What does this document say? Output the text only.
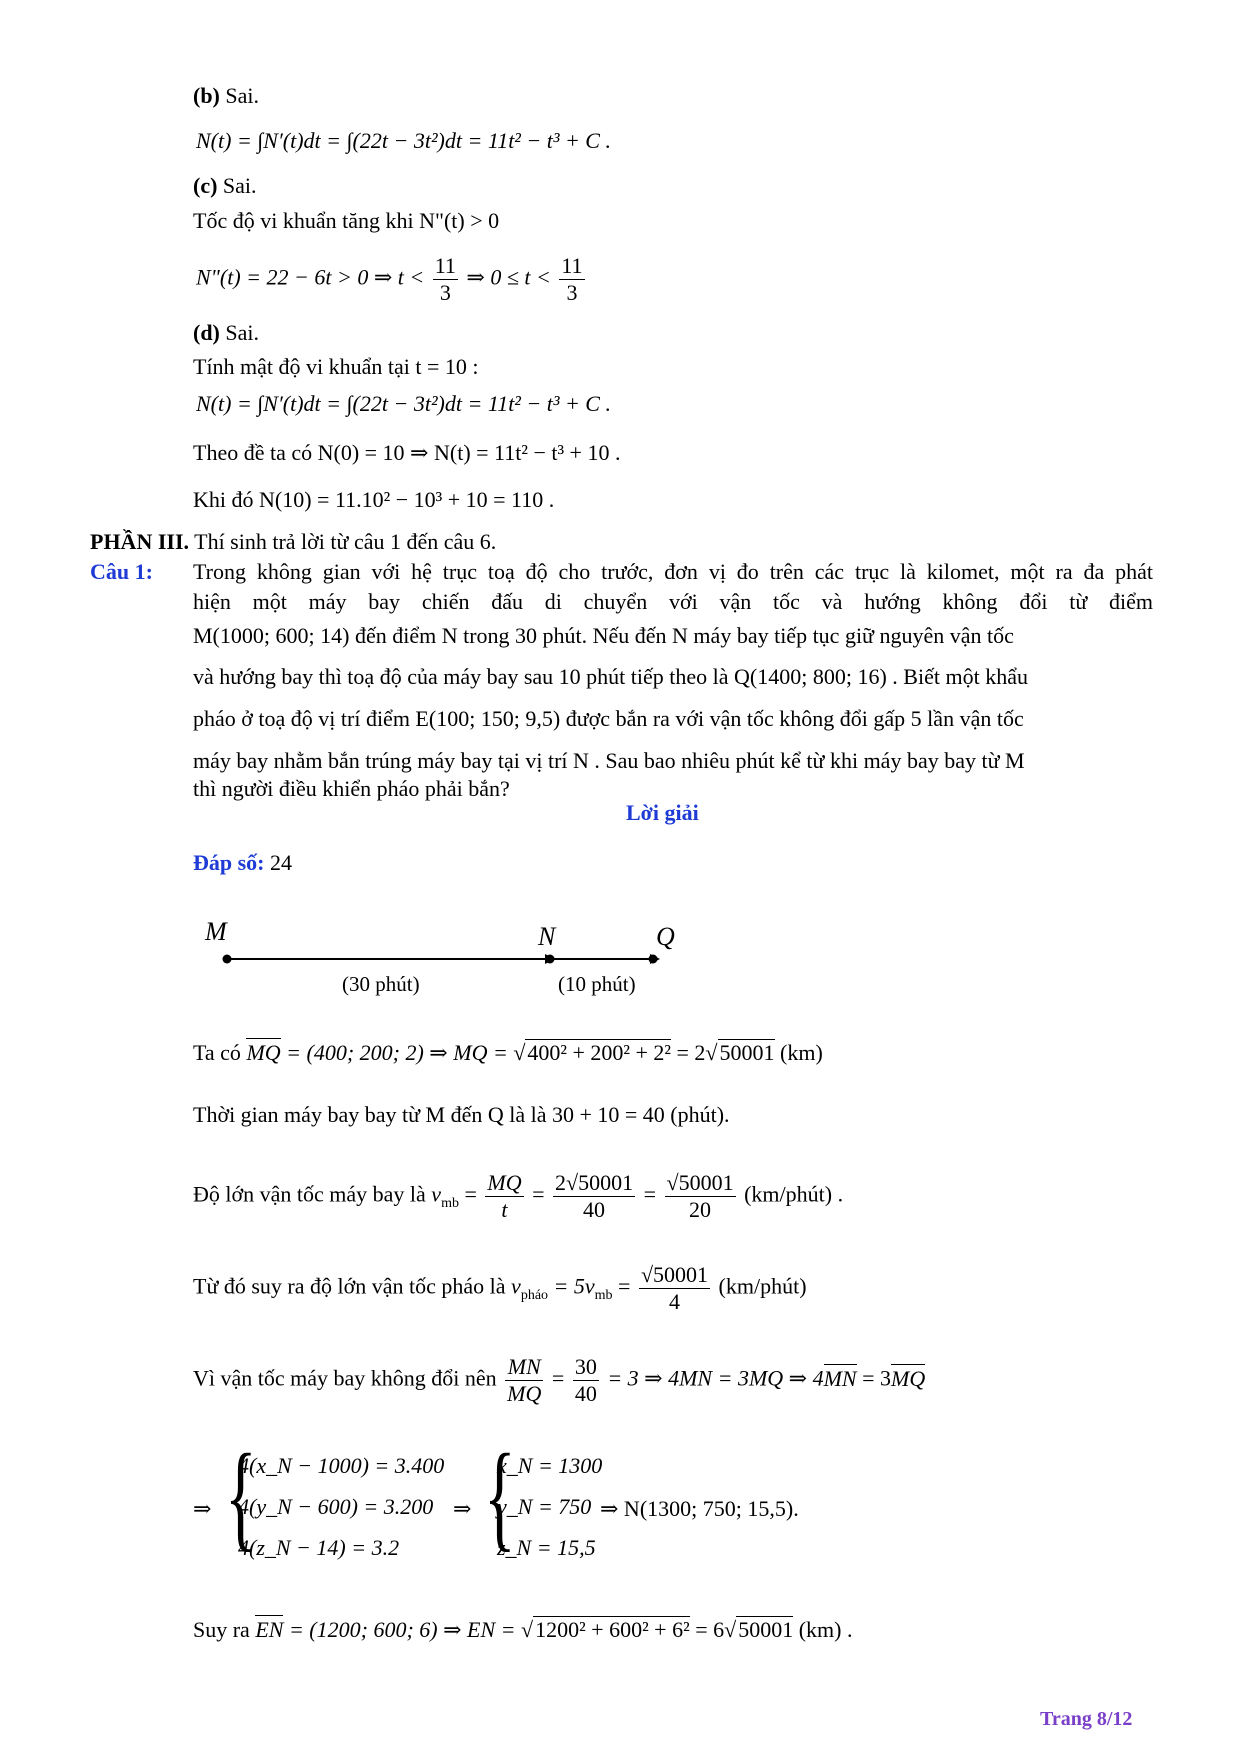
(b) Sai.
N(t) = ∫N′(t)dt = ∫(22t − 3t²)dt = 11t² − t³ + C .
(c) Sai.
Tốc độ vi khuẩn tăng khi N"(t) > 0
N"(t) = 22 − 6t > 0 ⇒ $t < \frac{11}{3}$ ⇒ $0 \le t < \frac{11}{3}$
(d) Sai.
Tính mật độ vi khuẩn tại t = 10 :
N(t) = ∫N′(t)dt = ∫(22t − 3t²)dt = 11t² − t³ + C .
Theo đề ta có N(0) = 10 ⇒ N(t) = 11t² − t³ + 10 .
Khi đó N(10) = 11.10² − 10³ + 10 = 110 .
PHẦN III. Thí sinh trả lời từ câu 1 đến câu 6.
Câu 1: Trong không gian với hệ trục toạ độ cho trước, đơn vị đo trên các trục là kilomet, một ra đa phát
hiện một máy bay chiến đấu di chuyển với vận tốc và hướng không đổi từ điểm
M(1000; 600; 14) đến điểm N trong 30 phút. Nếu đến N máy bay tiếp tục giữ nguyên vận tốc
và hướng bay thì toạ độ của máy bay sau 10 phút tiếp theo là Q(1400; 800; 16) . Biết một khẩu
pháo ở toạ độ vị trí điểm E(100; 150; 9,5) được bắn ra với vận tốc không đổi gấp 5 lần vận tốc
máy bay nhằm bắn trúng máy bay tại vị trí N . Sau bao nhiêu phút kể từ khi máy bay bay từ M
thì người điều khiển pháo phải bắn?
Lời giải
Đáp số: 24
M	N	Q
(30 phút)	(10 phút)
Ta có MQ = (400; 200; 2) ⇒ MQ = √400² + 200² + 2² = 2√50001 (km)
Thời gian máy bay bay từ M đến Q là là 30 + 10 = 40 (phút).
Độ lớn vận tốc máy bay là $v_{mb} = \frac{MQ}{t} = \frac{2√50001}{40} = \frac{√50001}{20}$ (km/phút) .
Từ đó suy ra độ lớn vận tốc pháo là $v_{pháo} = 5v_{mb} = \frac{√50001}{4}$ (km/phút)
Vì vận tốc máy bay không đổi nên $\frac{MN}{MQ} = \frac{30}{40} = 3$ ⇒ 4MN = 3MQ ⇒ 4MN = 3MQ
⇒ {
4(x_N − 1000) = 3.400
4(y_N − 600) = 3.200
4(z_N − 14) = 3.2
⇒ {
x_N = 1300
y_N = 750
z_N = 15,5
⇒ N(1300; 750; 15,5).
Suy ra EN = (1200; 600; 6) ⇒ EN = √1200² + 600² + 6² = 6√50001 (km) .
Trang 8/12
